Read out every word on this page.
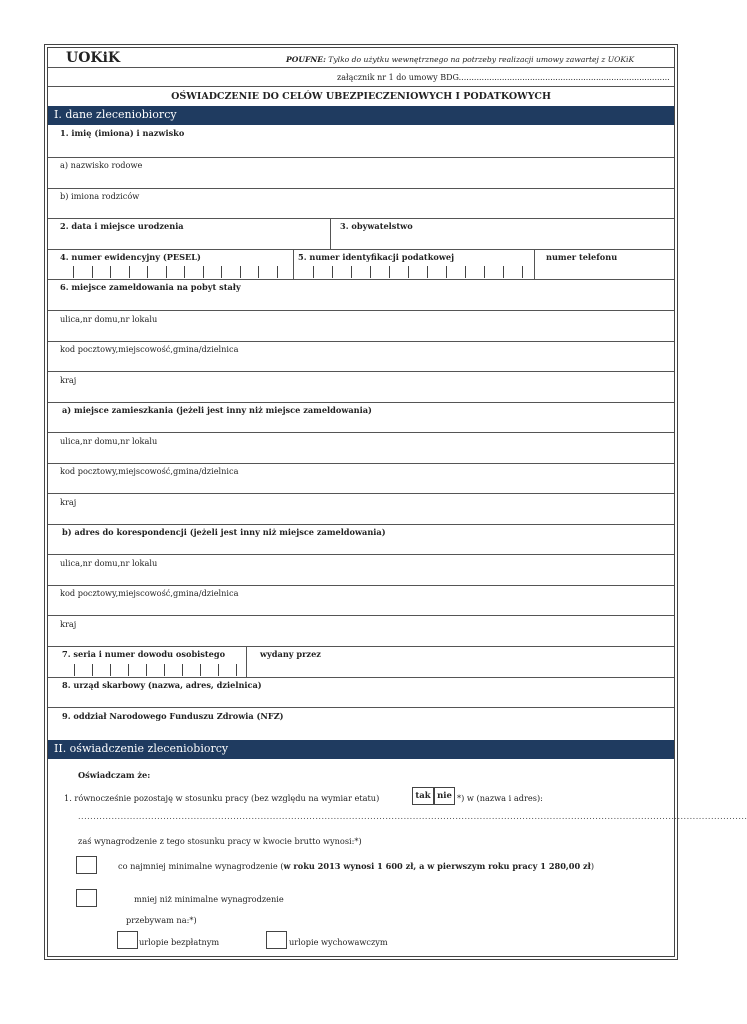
UOKiK	POUFNE: Tylko do użytku wewnętrznego na potrzeby realizacji umowy zawartej z UOKiK
załącznik nr 1 do umowy BDG...................................................................................
OŚWIADCZENIE DO CELÓW UBEZPIECZENIOWYCH I PODATKOWYCH
I. dane zleceniobiorcy
1. imię (imiona) i nazwisko
a) nazwisko rodowe
b) imiona rodziców
2. data i miejsce urodzenia	3. obywatelstwo
4. numer ewidencyjny (PESEL)	5. numer identyfikacji podatkowej	numer telefonu
6. miejsce zameldowania na pobyt stały
ulica,nr domu,nr lokalu
kod pocztowy,miejscowość,gmina/dzielnica
kraj
a) miejsce zamieszkania (jeżeli jest inny niż miejsce zameldowania)
ulica,nr domu,nr lokalu
kod pocztowy,miejscowość,gmina/dzielnica
kraj
b) adres do korespondencji (jeżeli jest inny niż miejsce zameldowania)
ulica,nr domu,nr lokalu
kod pocztowy,miejscowość,gmina/dzielnica
kraj
7. seria i numer dowodu osobistego	wydany przez
8. urząd skarbowy (nazwa, adres, dzielnica)
9. oddział Narodowego Funduszu Zdrowia (NFZ)
II. oświadczenie zleceniobiorcy
Oświadczam że:
1. równocześnie pozostaję w stosunku pracy (bez względu na wymiar etatu)	tak nie *) w (nazwa i adres):
............................................................................................................................................................................................................................
zaś wynagrodzenie z tego stosunku pracy w kwocie brutto wynosi:*)
co najmniej minimalne wynagrodzenie (w roku 2013 wynosi 1 600 zł, a w pierwszym roku pracy 1 280,00 zł)
mniej niż minimalne wynagrodzenie
przebywam na:*)
urlopie bezpłatnym	urlopie wychowawczym
